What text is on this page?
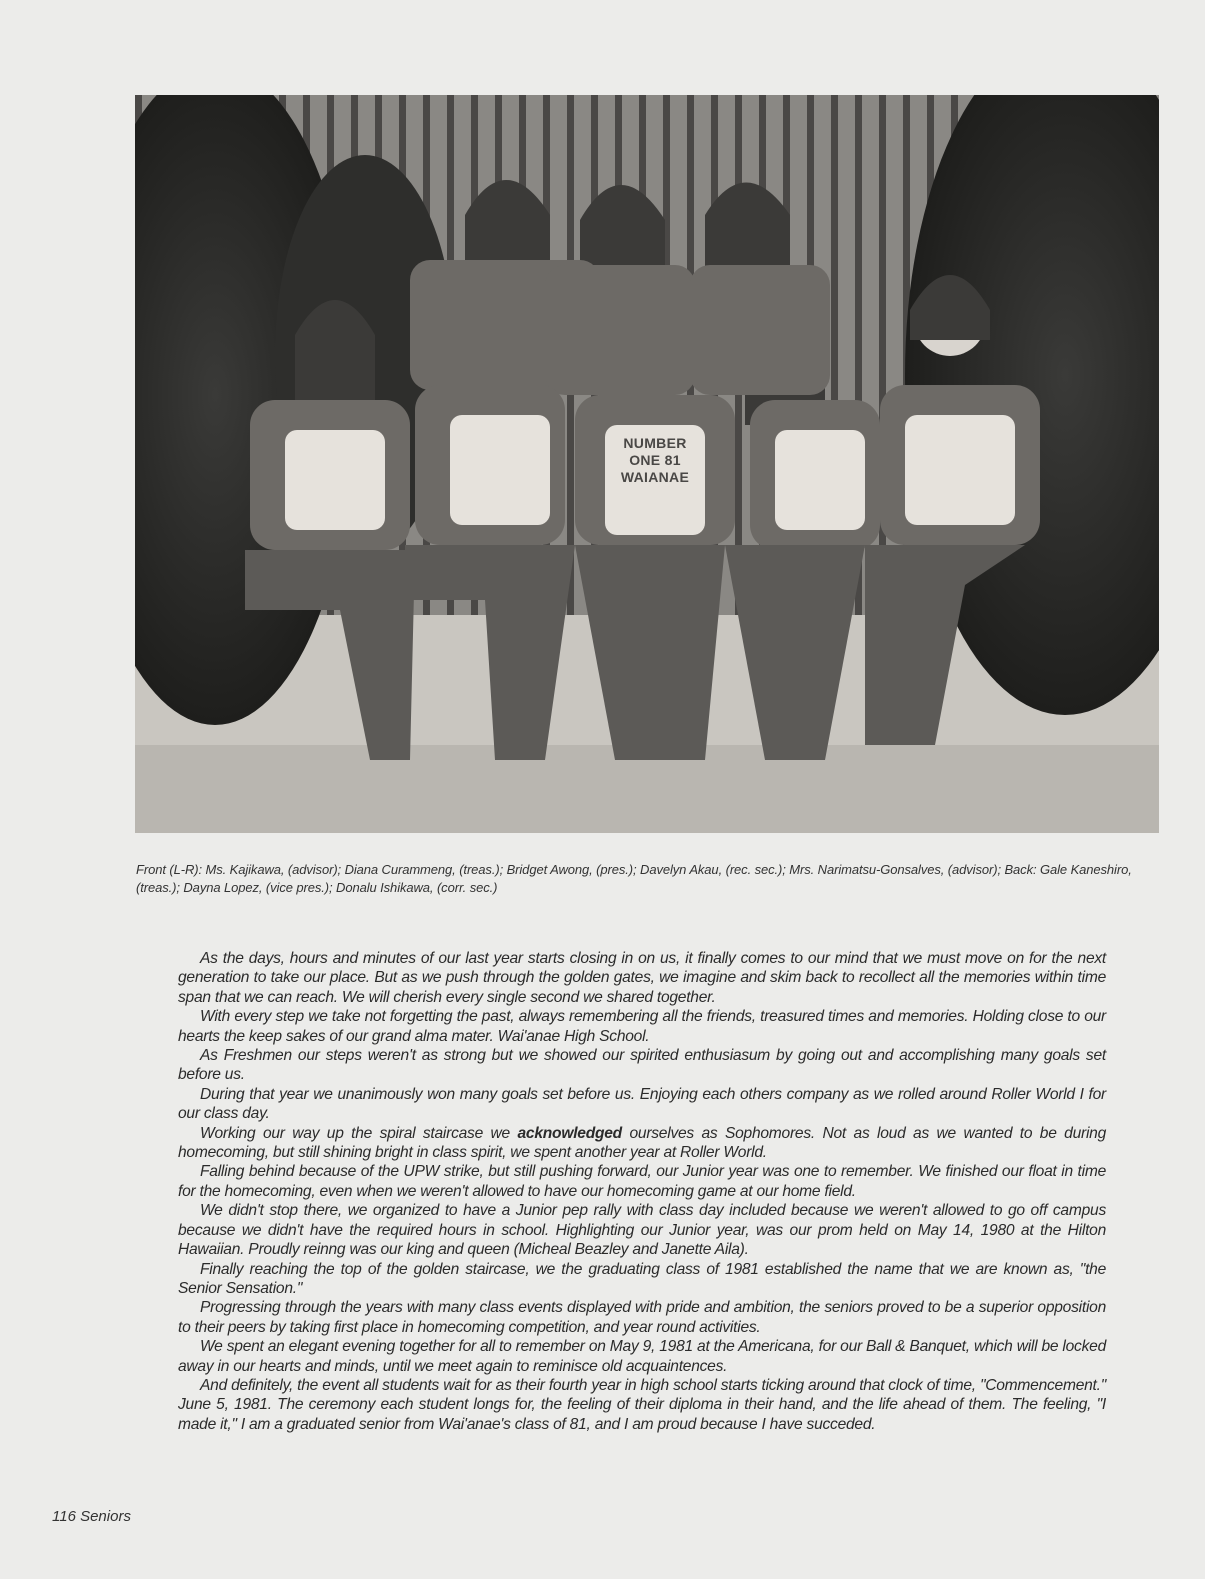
NUMBER ONE 81 WAIANAE
Front (L-R): Ms. Kajikawa, (advisor); Diana Curammeng, (treas.); Bridget Awong, (pres.); Davelyn Akau, (rec. sec.); Mrs. Narimatsu-Gonsalves, (advisor); Back: Gale Kaneshiro, (treas.); Dayna Lopez, (vice pres.); Donalu Ishikawa, (corr. sec.)

As the days, hours and minutes of our last year starts closing in on us, it finally comes to our mind that we must move on for the next generation to take our place. But as we push through the golden gates, we imagine and skim back to recollect all the memories within time span that we can reach. We will cherish every single second we shared together.

With every step we take not forgetting the past, always remembering all the friends, treasured times and memories. Holding close to our hearts the keep sakes of our grand alma mater. Wai'anae High School.

As Freshmen our steps weren't as strong but we showed our spirited enthusiasum by going out and accomplishing many goals set before us.

During that year we unanimously won many goals set before us. Enjoying each others company as we rolled around Roller World I for our class day.

Working our way up the spiral staircase we acknowledged ourselves as Sophomores. Not as loud as we wanted to be during homecoming, but still shining bright in class spirit, we spent another year at Roller World.

Falling behind because of the UPW strike, but still pushing forward, our Junior year was one to remember. We finished our float in time for the homecoming, even when we weren't allowed to have our homecoming game at our home field.

We didn't stop there, we organized to have a Junior pep rally with class day included because we weren't allowed to go off campus because we didn't have the required hours in school. Highlighting our Junior year, was our prom held on May 14, 1980 at the Hilton Hawaiian. Proudly reinng was our king and queen (Micheal Beazley and Janette Aila).

Finally reaching the top of the golden staircase, we the graduating class of 1981 established the name that we are known as, "the Senior Sensation."

Progressing through the years with many class events displayed with pride and ambition, the seniors proved to be a superior opposition to their peers by taking first place in homecoming competition, and year round activities.

We spent an elegant evening together for all to remember on May 9, 1981 at the Americana, for our Ball & Banquet, which will be locked away in our hearts and minds, until we meet again to reminisce old acquaintences.

And definitely, the event all students wait for as their fourth year in high school starts ticking around that clock of time, "Commencement." June 5, 1981. The ceremony each student longs for, the feeling of their diploma in their hand, and the life ahead of them. The feeling, "I made it," I am a graduated senior from Wai'anae's class of 81, and I am proud because I have succeded.

116 Seniors
